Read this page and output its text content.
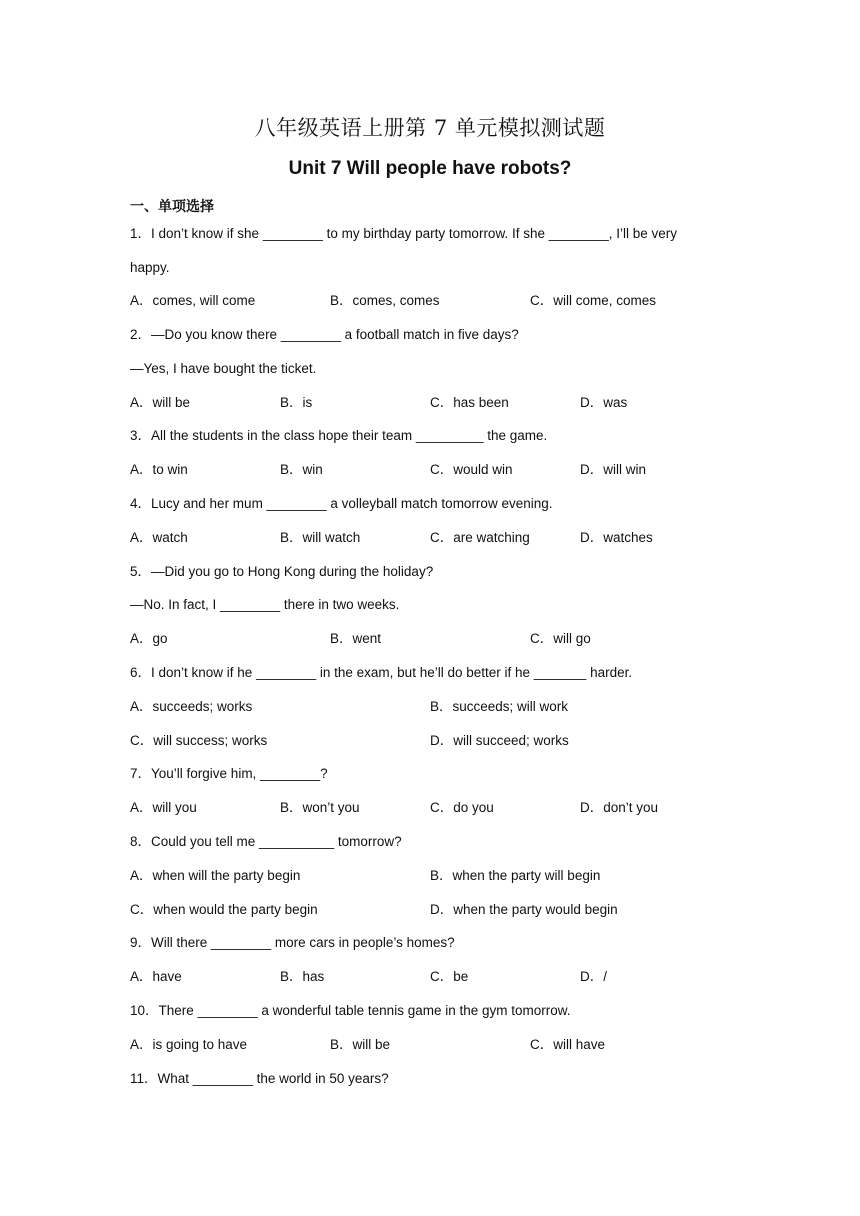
八年级英语上册第 7 单元模拟测试题
Unit 7 Will people have robots?
一、单项选择
1．I don’t know if she ________ to my birthday party tomorrow. If she ________, I’ll be very
happy.
A．comes, will come	B．comes, comes	C．will come, comes
2．—Do you know there ________ a football match in five days?
—Yes, I have bought the ticket.
A．will be	B．is	C．has been	D．was
3．All the students in the class hope their team _________ the game.
A．to win	B．win	C．would win	D．will win
4．Lucy and her mum ________ a volleyball match tomorrow evening.
A．watch	B．will watch	C．are watching	D．watches
5．—Did you go to Hong Kong during the holiday?
—No. In fact, I ________ there in two weeks.
A．go	B．went	C．will go
6．I don’t know if he ________ in the exam, but he’ll do better if he _______ harder.
A．succeeds; works	B．succeeds; will work
C．will success; works	D．will succeed; works
7．You’ll forgive him, ________?
A．will you	B．won’t you	C．do you	D．don’t you
8．Could you tell me __________ tomorrow?
A．when will the party begin	B．when the party will begin
C．when would the party begin	D．when the party would begin
9．Will there ________ more cars in people’s homes?
A．have	B．has	C．be	D．/
10．There ________ a wonderful table tennis game in the gym tomorrow.
A．is going to have	B．will be	C．will have
11．What ________ the world in 50 years?
